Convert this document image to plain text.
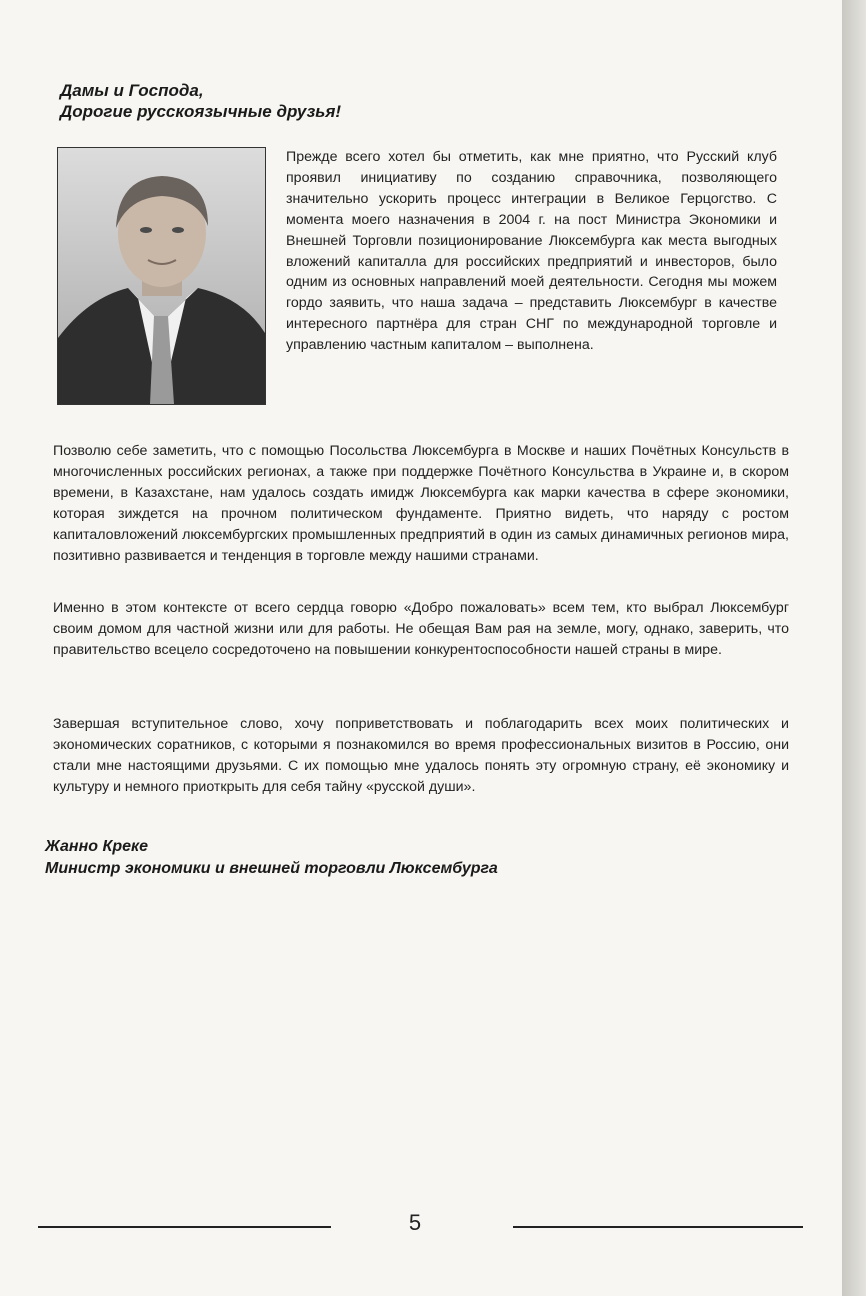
Дамы и Господа,
Дорогие русскоязычные друзья!
Прежде всего хотел бы отметить, как мне приятно, что Русский клуб проявил инициативу по созданию справочника, позволяющего значительно ускорить процесс интеграции в Великое Герцогство. С момента моего назначения в 2004 г. на пост Министра Экономики и Внешней Торговли позиционирование Люксембурга как места выгодных вложений капиталла для российских предприятий и инвесторов, было одним из основных направлений моей деятельности. Сегодня мы можем гордо заявить, что наша задача – представить Люксембург в качестве интересного партнёра для стран СНГ по международной торговле и управлению частным капиталом – выполнена.
Позволю себе заметить, что с помощью Посольства Люксембурга в Москве и наших Почётных Консульств в многочисленных российских регионах, а также при поддержке Почётного Консульства в Украине и, в скором времени, в Казахстане, нам удалось создать имидж Люксембурга как марки качества в сфере экономики, которая зиждется на прочном политическом фундаменте. Приятно видеть, что наряду с ростом капиталовложений люксембургских промышленных предприятий в один из самых динамичных регионов мира, позитивно развивается и тенденция в торговле между нашими странами.
Именно в этом контексте от всего сердца говорю «Добро пожаловать» всем тем, кто выбрал Люксембург своим домом для частной жизни или для работы. Не обещая Вам рая на земле, могу, однако, заверить, что правительство всецело сосредоточено на повышении конкурентоспособности нашей страны в мире.
Завершая вступительное слово, хочу поприветствовать и поблагодарить всех моих политических и экономических соратников, с которыми я познакомился во время профессиональных визитов в Россию, они стали мне настоящими друзьями. С их помощью мне удалось понять эту огромную страну, её экономику и культуру и немного приоткрыть для себя тайну «русской души».
Жанно Креке
Министр экономики и внешней торговли Люксембурга
5
